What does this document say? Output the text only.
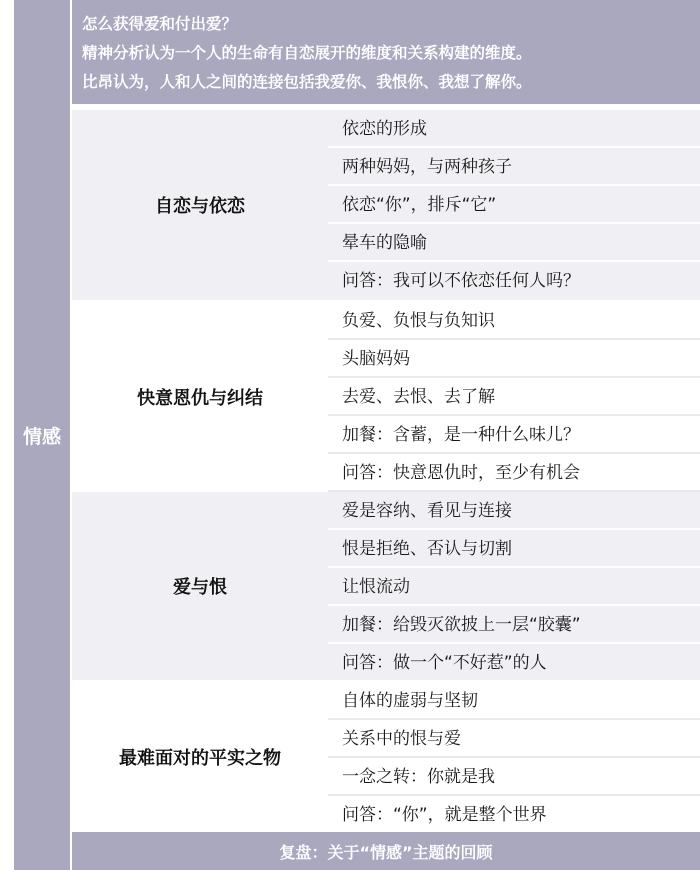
情感
怎么获得爱和付出爱？
精神分析认为一个人的生命有自恋展开的维度和关系构建的维度。
比昂认为，人和人之间的连接包括我爱你、我恨你、我想了解你。
自恋与依恋
依恋的形成
两种妈妈，与两种孩子
依恋“你”，排斥“它”
晕车的隐喻
问答：我可以不依恋任何人吗？
快意恩仇与纠结
负爱、负恨与负知识
头脑妈妈
去爱、去恨、去了解
加餐：含蓄，是一种什么味儿？
问答：快意恩仇时，至少有机会
爱与恨
爱是容纳、看见与连接
恨是拒绝、否认与切割
让恨流动
加餐：给毁灭欲披上一层“胶囊”
问答：做一个“不好惹”的人
最难面对的平实之物
自体的虚弱与坚韧
关系中的恨与爱
一念之转：你就是我
问答：“你”，就是整个世界
复盘：关于“情感”主题的回顾
